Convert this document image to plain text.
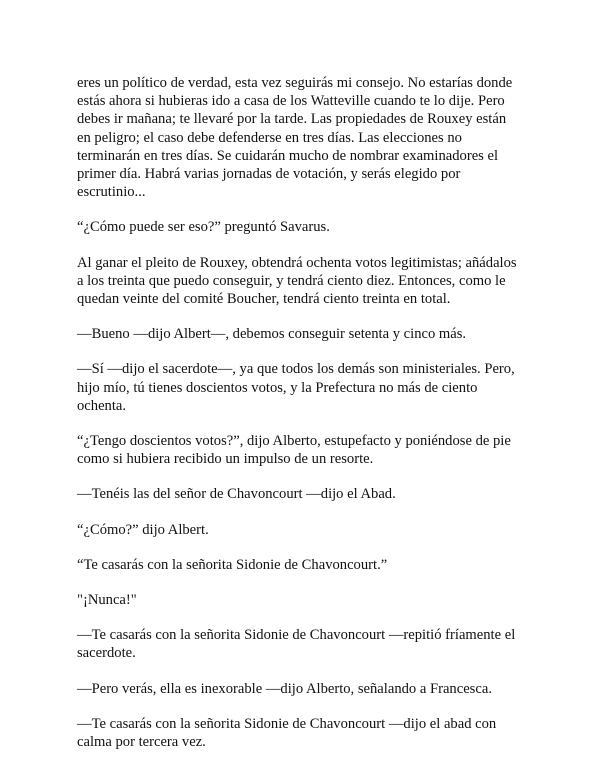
eres un político de verdad, esta vez seguirás mi consejo. No estarías donde estás ahora si hubieras ido a casa de los Watteville cuando te lo dije. Pero debes ir mañana; te llevaré por la tarde. Las propiedades de Rouxey están en peligro; el caso debe defenderse en tres días. Las elecciones no terminarán en tres días. Se cuidarán mucho de nombrar examinadores el primer día. Habrá varias jornadas de votación, y serás elegido por escrutinio...

“¿Cómo puede ser eso?” preguntó Savarus.

Al ganar el pleito de Rouxey, obtendrá ochenta votos legitimistas; añádalos a los treinta que puedo conseguir, y tendrá ciento diez. Entonces, como le quedan veinte del comité Boucher, tendrá ciento treinta en total.

—Bueno —dijo Albert—, debemos conseguir setenta y cinco más.

—Sí —dijo el sacerdote—, ya que todos los demás son ministeriales. Pero, hijo mío, tú tienes doscientos votos, y la Prefectura no más de ciento ochenta.

“¿Tengo doscientos votos?”, dijo Alberto, estupefacto y poniéndose de pie como si hubiera recibido un impulso de un resorte.

—Tenéis las del señor de Chavoncourt —dijo el Abad.

“¿Cómo?” dijo Albert.

“Te casarás con la señorita Sidonie de Chavoncourt.”

"¡Nunca!"

—Te casarás con la señorita Sidonie de Chavoncourt —repitió fríamente el sacerdote.

—Pero verás, ella es inexorable —dijo Alberto, señalando a Francesca.

—Te casarás con la señorita Sidonie de Chavoncourt —dijo el abad con calma por tercera vez.
